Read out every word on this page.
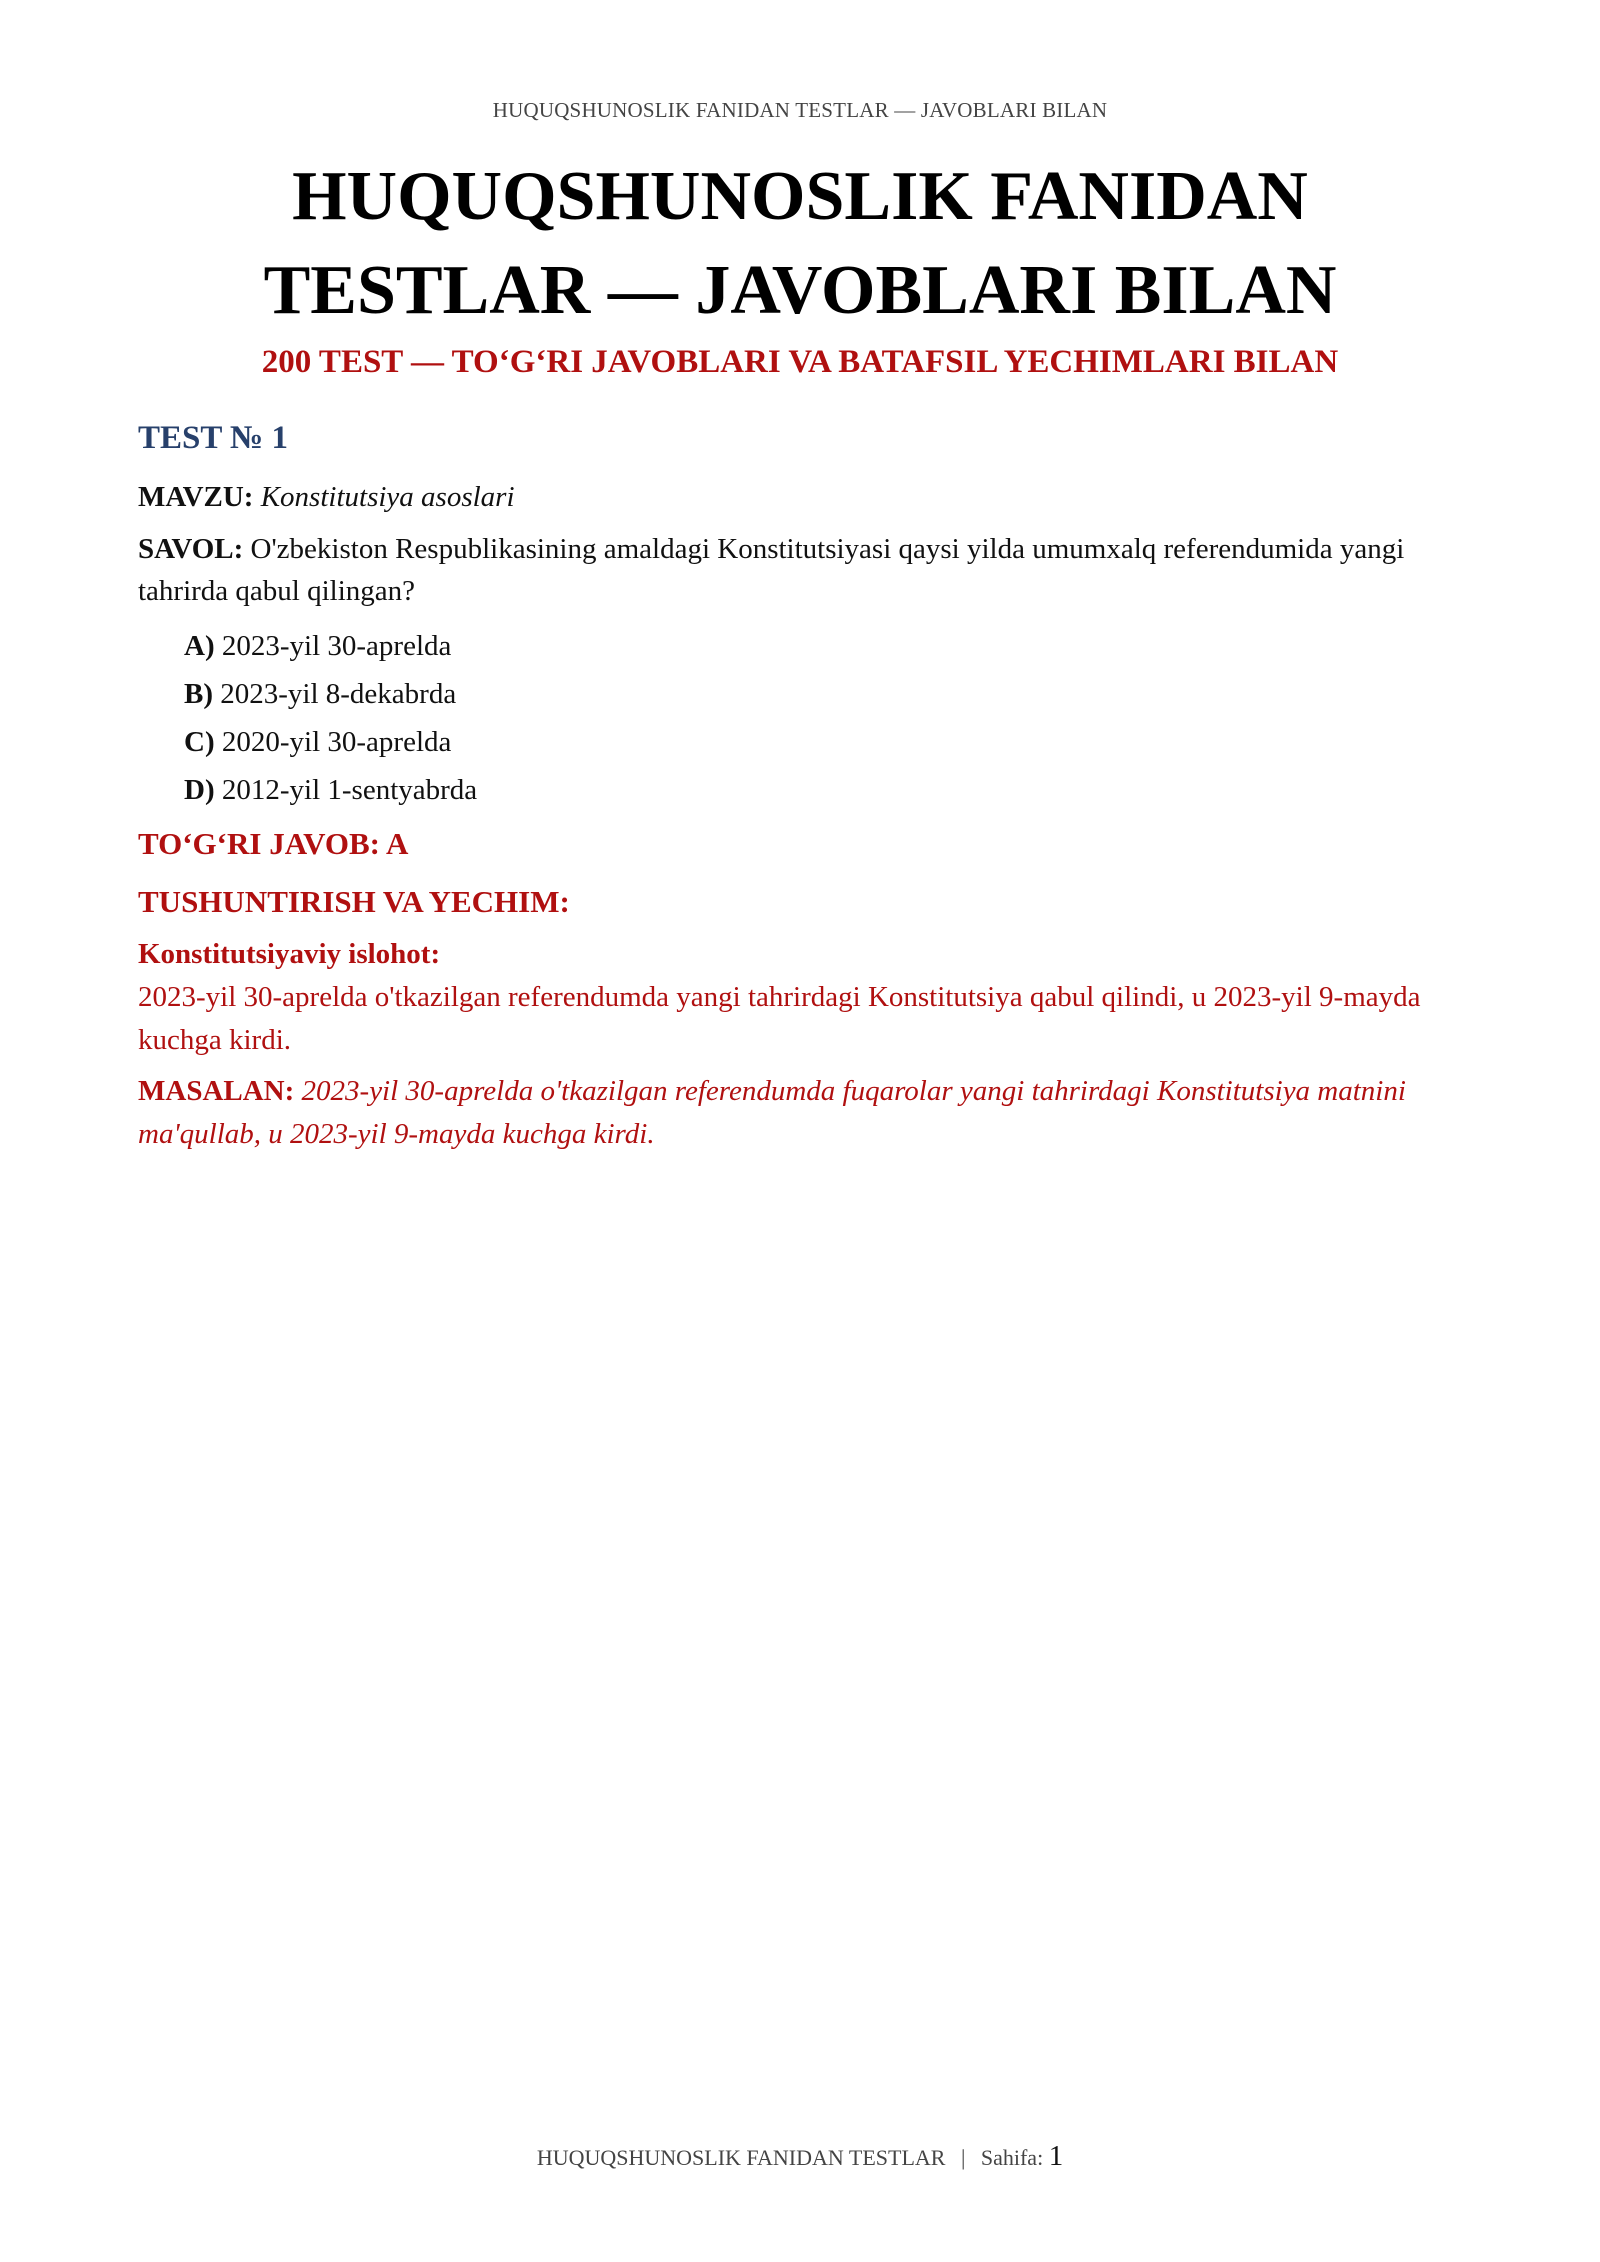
HUQUQSHUNOSLIK FANIDAN TESTLAR — JAVOBLARI BILAN
HUQUQSHUNOSLIK FANIDAN
TESTLAR — JAVOBLARI BILAN
200 TEST — TO‘G‘RI JAVOBLARI VA BATAFSIL YECHIMLARI BILAN
TEST № 1
MAVZU: Konstitutsiya asoslari
SAVOL: O'zbekiston Respublikasining amaldagi Konstitutsiyasi qaysi yilda umumxalq referendumida yangi tahrirda qabul qilingan?
A) 2023-yil 30-aprelda
B) 2023-yil 8-dekabrda
C) 2020-yil 30-aprelda
D) 2012-yil 1-sentyabrda
TO‘G‘RI JAVOB: A
TUSHUNTIRISH VA YECHIM:
Konstitutsiyaviy islohot:
2023-yil 30-aprelda o'tkazilgan referendumda yangi tahrirdagi Konstitutsiya qabul qilindi, u 2023-yil 9-mayda kuchga kirdi.
MASALAN: 2023-yil 30-aprelda o'tkazilgan referendumda fuqarolar yangi tahrirdagi Konstitutsiya matnini ma'qullab, u 2023-yil 9-mayda kuchga kirdi.
HUQUQSHUNOSLIK FANIDAN TESTLAR | Sahifa: 1
